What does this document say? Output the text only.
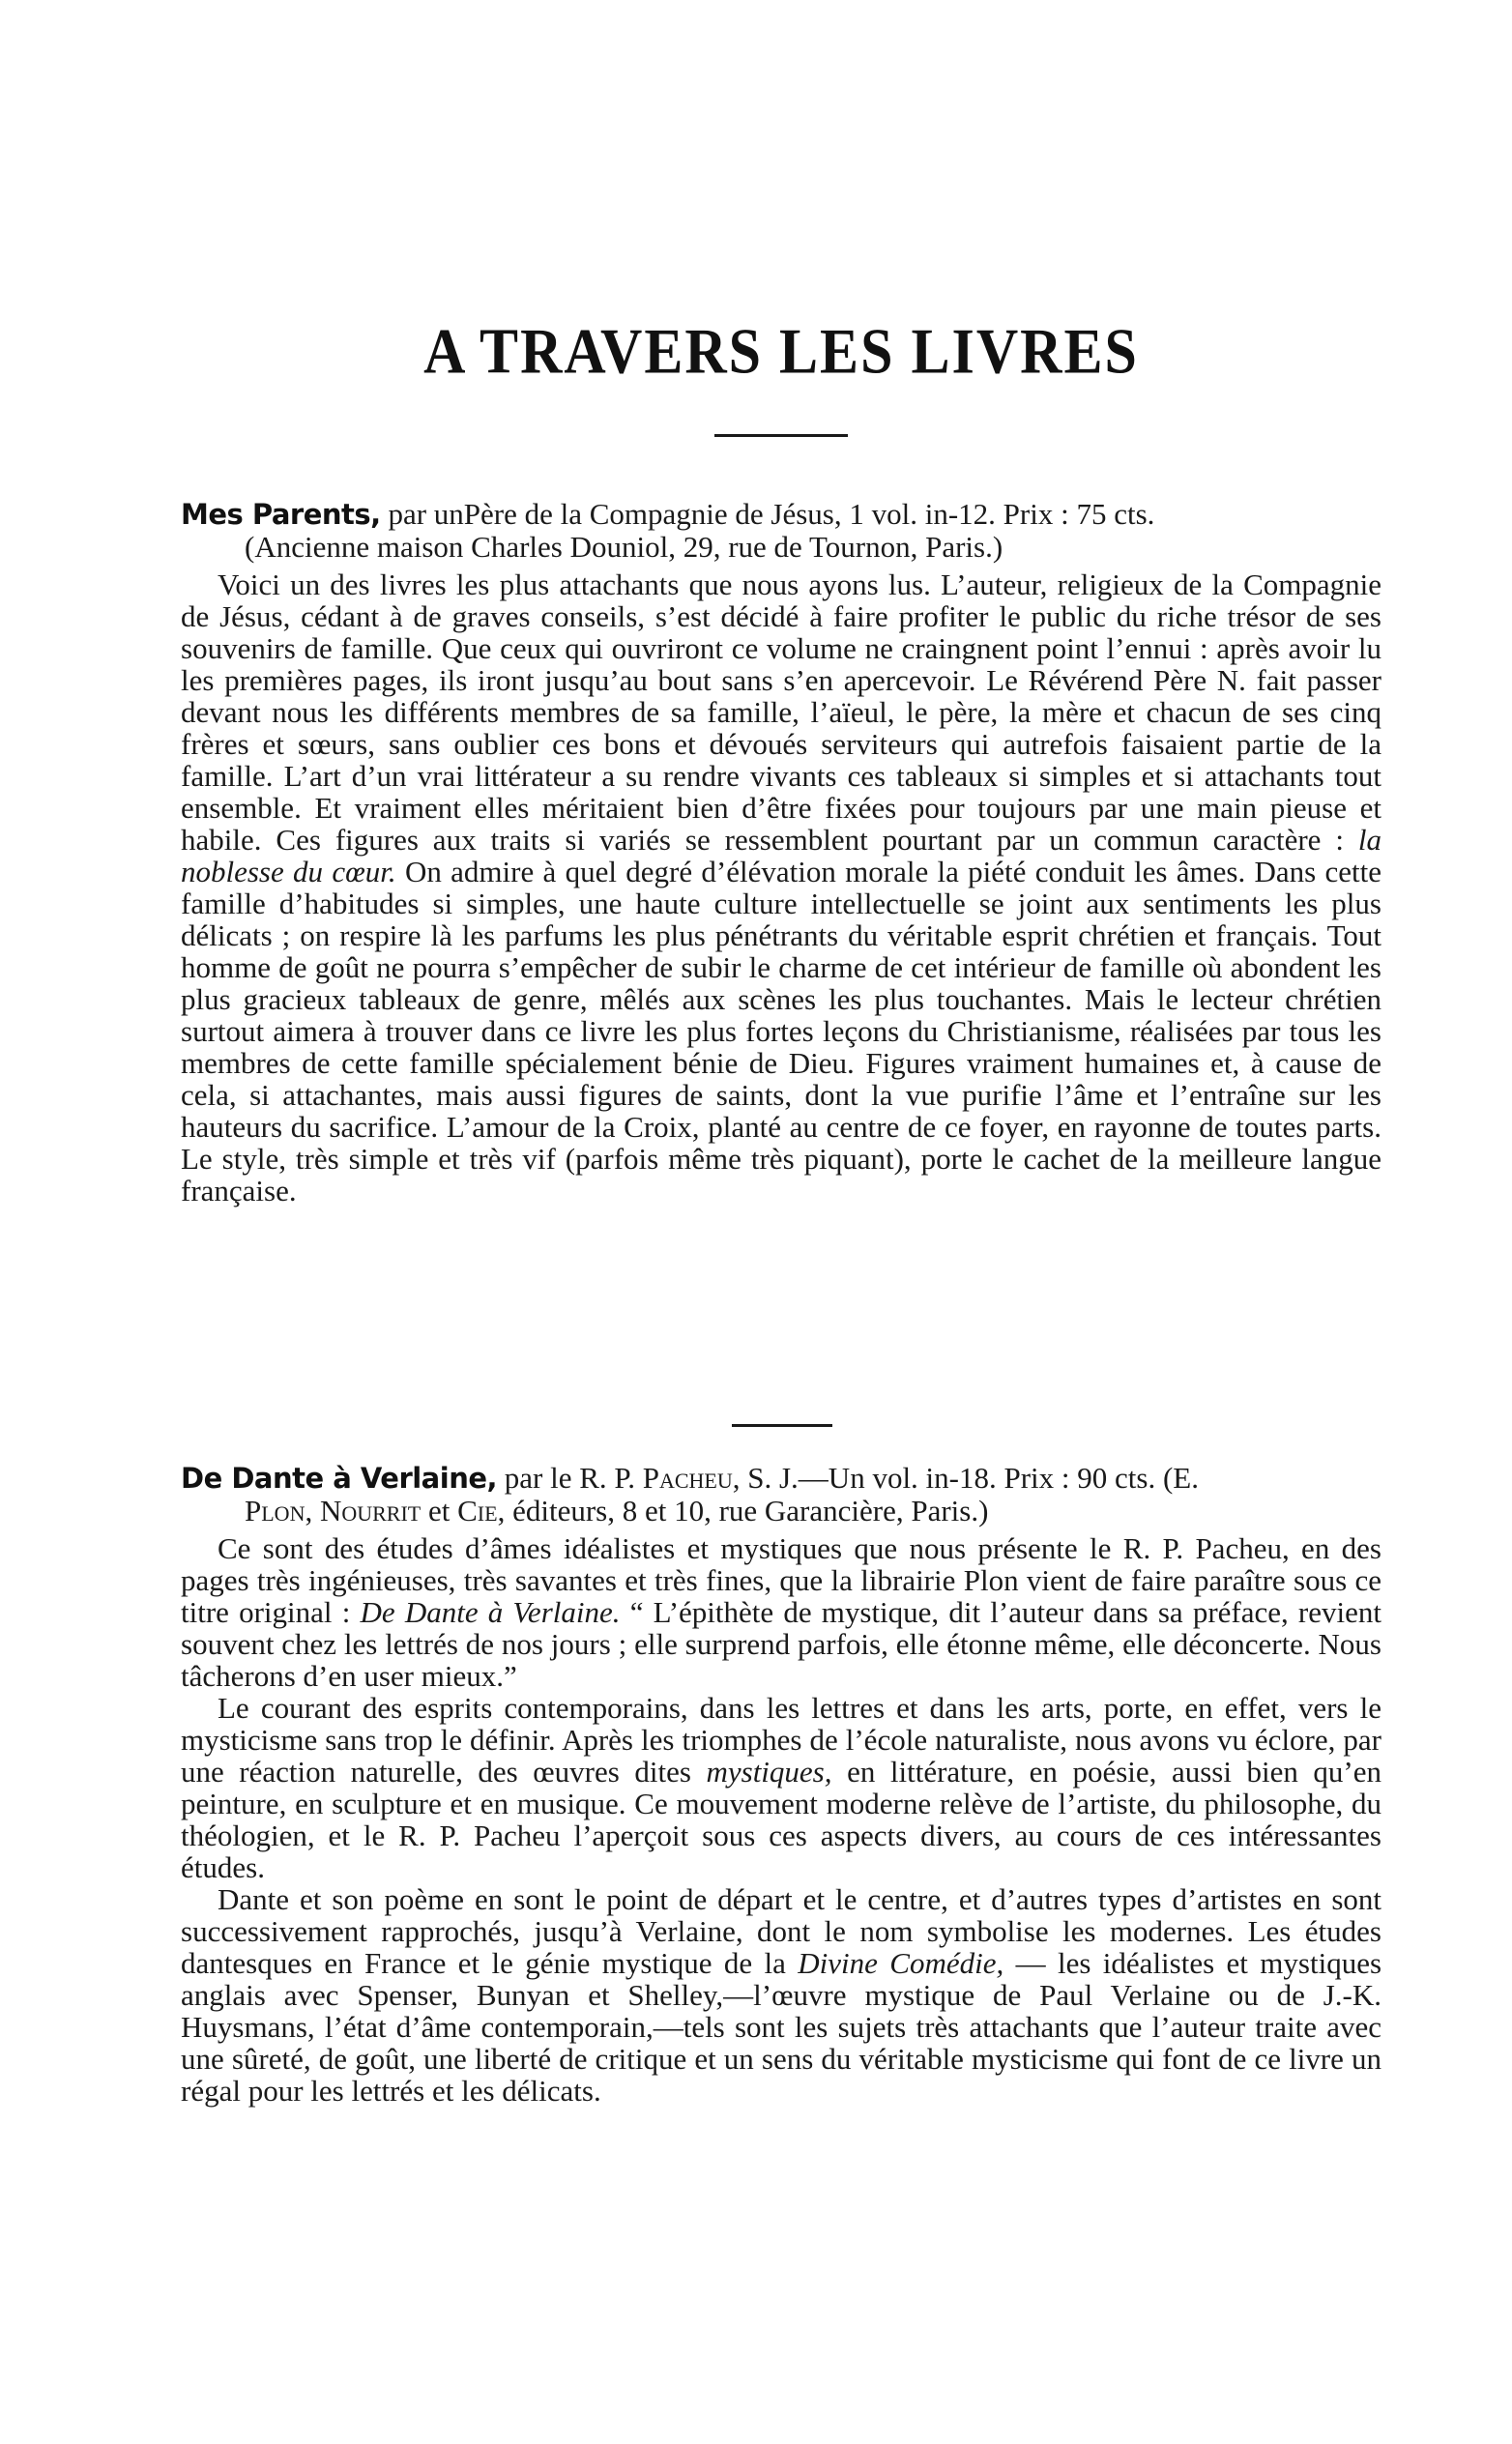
A TRAVERS LES LIVRES
Mes Parents, par unPère de la Compagnie de Jésus, 1 vol. in-12. Prix : 75 cts.
(Ancienne maison Charles Douniol, 29, rue de Tournon, Paris.)

Voici un des livres les plus attachants que nous ayons lus. L’auteur, religieux de la Compagnie de Jésus, cédant à de graves conseils, s’est décidé à faire profiter le public du riche trésor de ses souvenirs de famille. Que ceux qui ouvriront ce volume ne craingnent point l’ennui : après avoir lu les premières pages, ils iront jusqu’au bout sans s’en apercevoir. Le Révérend Père N. fait passer devant nous les différents membres de sa famille, l’aïeul, le père, la mère et chacun de ses cinq frères et sœurs, sans oublier ces bons et dévoués serviteurs qui autrefois faisaient partie de la famille. L’art d’un vrai littérateur a su rendre vivants ces tableaux si simples et si attachants tout ensemble. Et vraiment elles méritaient bien d’être fixées pour toujours par une main pieuse et habile. Ces figures aux traits si variés se ressemblent pourtant par un commun caractère : la noblesse du cœur. On admire à quel degré d’élévation morale la piété conduit les âmes. Dans cette famille d’habitudes si simples, une haute culture intellectuelle se joint aux sentiments les plus délicats ; on respire là les parfums les plus pénétrants du véritable esprit chrétien et français. Tout homme de goût ne pourra s’empêcher de subir le charme de cet intérieur de famille où abondent les plus gracieux tableaux de genre, mêlés aux scènes les plus touchantes. Mais le lecteur chrétien surtout aimera à trouver dans ce livre les plus fortes leçons du Christianisme, réalisées par tous les membres de cette famille spécialement bénie de Dieu. Figures vraiment humaines et, à cause de cela, si attachantes, mais aussi figures de saints, dont la vue purifie l’âme et l’entraîne sur les hauteurs du sacrifice. L’amour de la Croix, planté au centre de ce foyer, en rayonne de toutes parts. Le style, très simple et très vif (parfois même très piquant), porte le cachet de la meilleure langue française.

De Dante à Verlaine, par le R. P. Pacheu, S. J.—Un vol. in-18. Prix : 90 cts. (E.
Plon, Nourrit et Cie, éditeurs, 8 et 10, rue Garancière, Paris.)

Ce sont des études d’âmes idéalistes et mystiques que nous présente le R. P. Pacheu, en des pages très ingénieuses, très savantes et très fines, que la librairie Plon vient de faire paraître sous ce titre original : De Dante à Verlaine. “ L’épithète de mystique, dit l’auteur dans sa préface, revient souvent chez les lettrés de nos jours ; elle surprend parfois, elle étonne même, elle déconcerte. Nous tâcherons d’en user mieux.”

Le courant des esprits contemporains, dans les lettres et dans les arts, porte, en effet, vers le mysticisme sans trop le définir. Après les triomphes de l’école naturaliste, nous avons vu éclore, par une réaction naturelle, des œuvres dites mystiques, en littérature, en poésie, aussi bien qu’en peinture, en sculpture et en musique. Ce mouvement moderne relève de l’artiste, du philosophe, du théologien, et le R. P. Pacheu l’aperçoit sous ces aspects divers, au cours de ces intéressantes études.

Dante et son poème en sont le point de départ et le centre, et d’autres types d’artistes en sont successivement rapprochés, jusqu’à Verlaine, dont le nom symbolise les modernes. Les études dantesques en France et le génie mystique de la Divine Comédie, — les idéalistes et mystiques anglais avec Spenser, Bunyan et Shelley,—l’œuvre mystique de Paul Verlaine ou de J.-K. Huysmans, l’état d’âme contemporain,—tels sont les sujets très attachants que l’auteur traite avec une sûreté, de goût, une liberté de critique et un sens du véritable mysticisme qui font de ce livre un régal pour les lettrés et les délicats.
